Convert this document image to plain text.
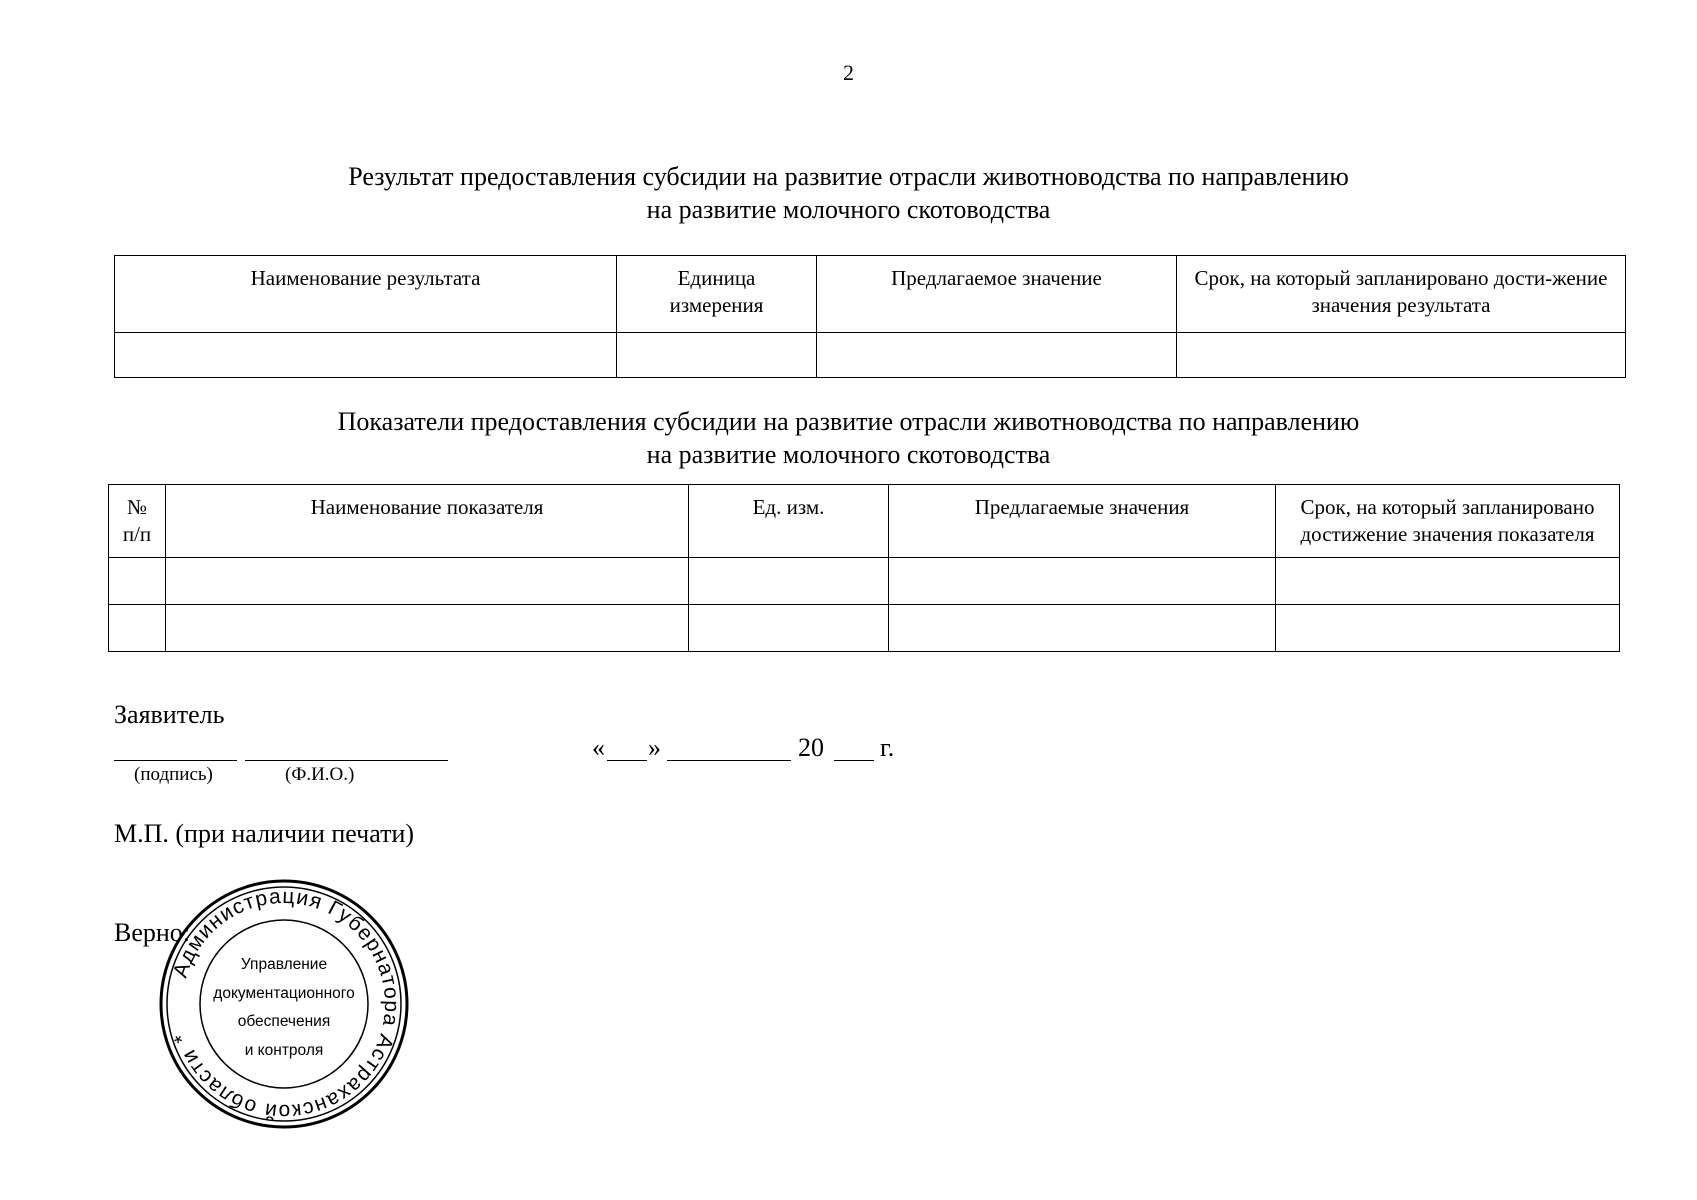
2
Результат предоставления субсидии на развитие отрасли животноводства по направлению
на развитие молочного скотоводства
Наименование результата	Единица измерения	Предлагаемое значение	Срок, на который запланировано дости-жение значения результата

Показатели предоставления субсидии на развитие отрасли животноводства по направлению
на развитие молочного скотоводства
№ п/п	Наименование показателя	Ед. изм.	Предлагаемые значения	Срок, на который запланировано достижение значения показателя

Заявитель
(подпись)	(Ф.И.О.)
« »	20 г.
М.П. (при наличии печати)
Верно:
Администрация Губернатора Астраханской области*
Управление
документационного
обеспечения
и контроля
